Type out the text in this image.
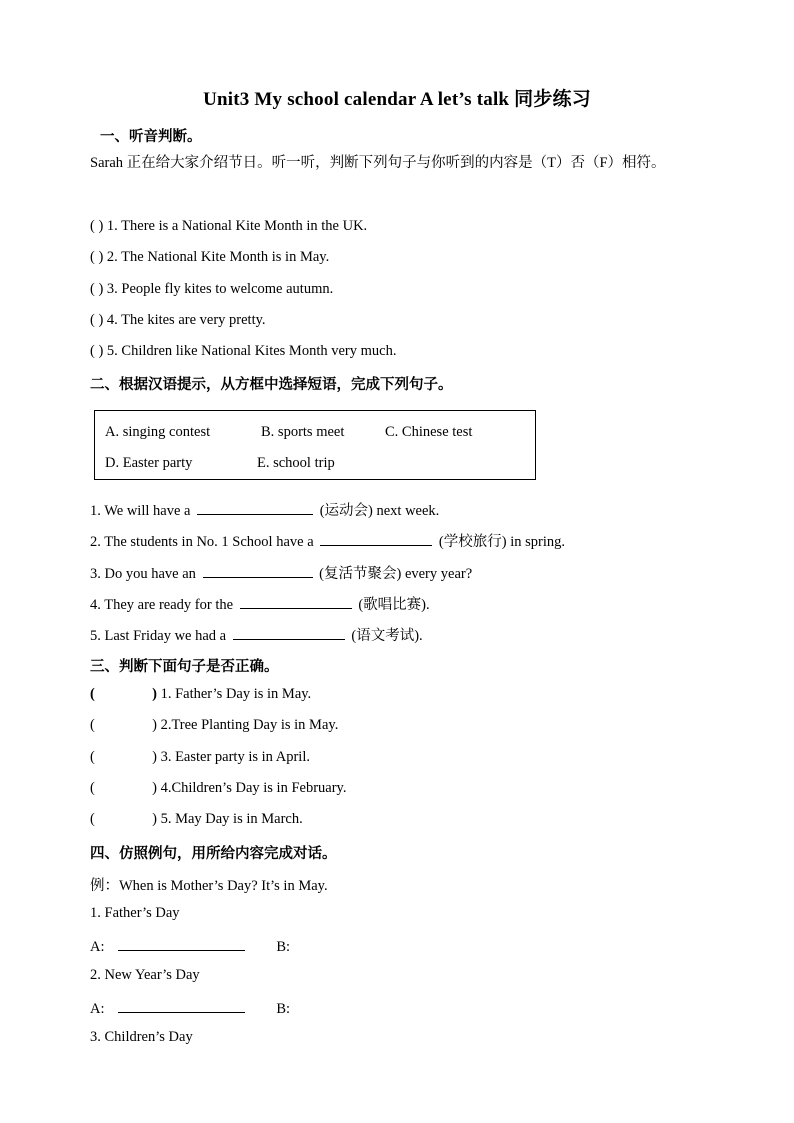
Unit3 My school calendar A let’s talk 同步练习
一、听音判断。
Sarah 正在给大家介绍节日。听一听，判断下列句子与你听到的内容是（T）否（F）相符。
( ) 1. There is a National Kite Month in the UK.
( ) 2. The National Kite Month is in May.
( ) 3. People fly kites to welcome autumn.
( ) 4. The kites are very pretty.
( ) 5. Children like National Kites Month very much.
二、根据汉语提示，从方框中选择短语，完成下列句子。
A. singing contest	B. sports meet	C. Chinese test
D. Easter party	E. school trip
1. We will have a	(运动会) next week.
2. The students in No. 1 School have a	(学校旅行) in spring.
3. Do you have an	(复活节聚会) every year?
4. They are ready for the	(歌唱比赛).
5. Last Friday we had a	(语文考试).
三、判断下面句子是否正确。
(	) 1. Father’s Day is in May.
(	) 2.Tree Planting Day is in May.
(	) 3. Easter party is in April.
(	) 4.Children’s Day is in February.
(	) 5. May Day is in March.
四、仿照例句，用所给内容完成对话。
例：When is Mother’s Day? It’s in May.
1. Father’s Day
A:	B:
2. New Year’s Day
A:	B:
3. Children’s Day
